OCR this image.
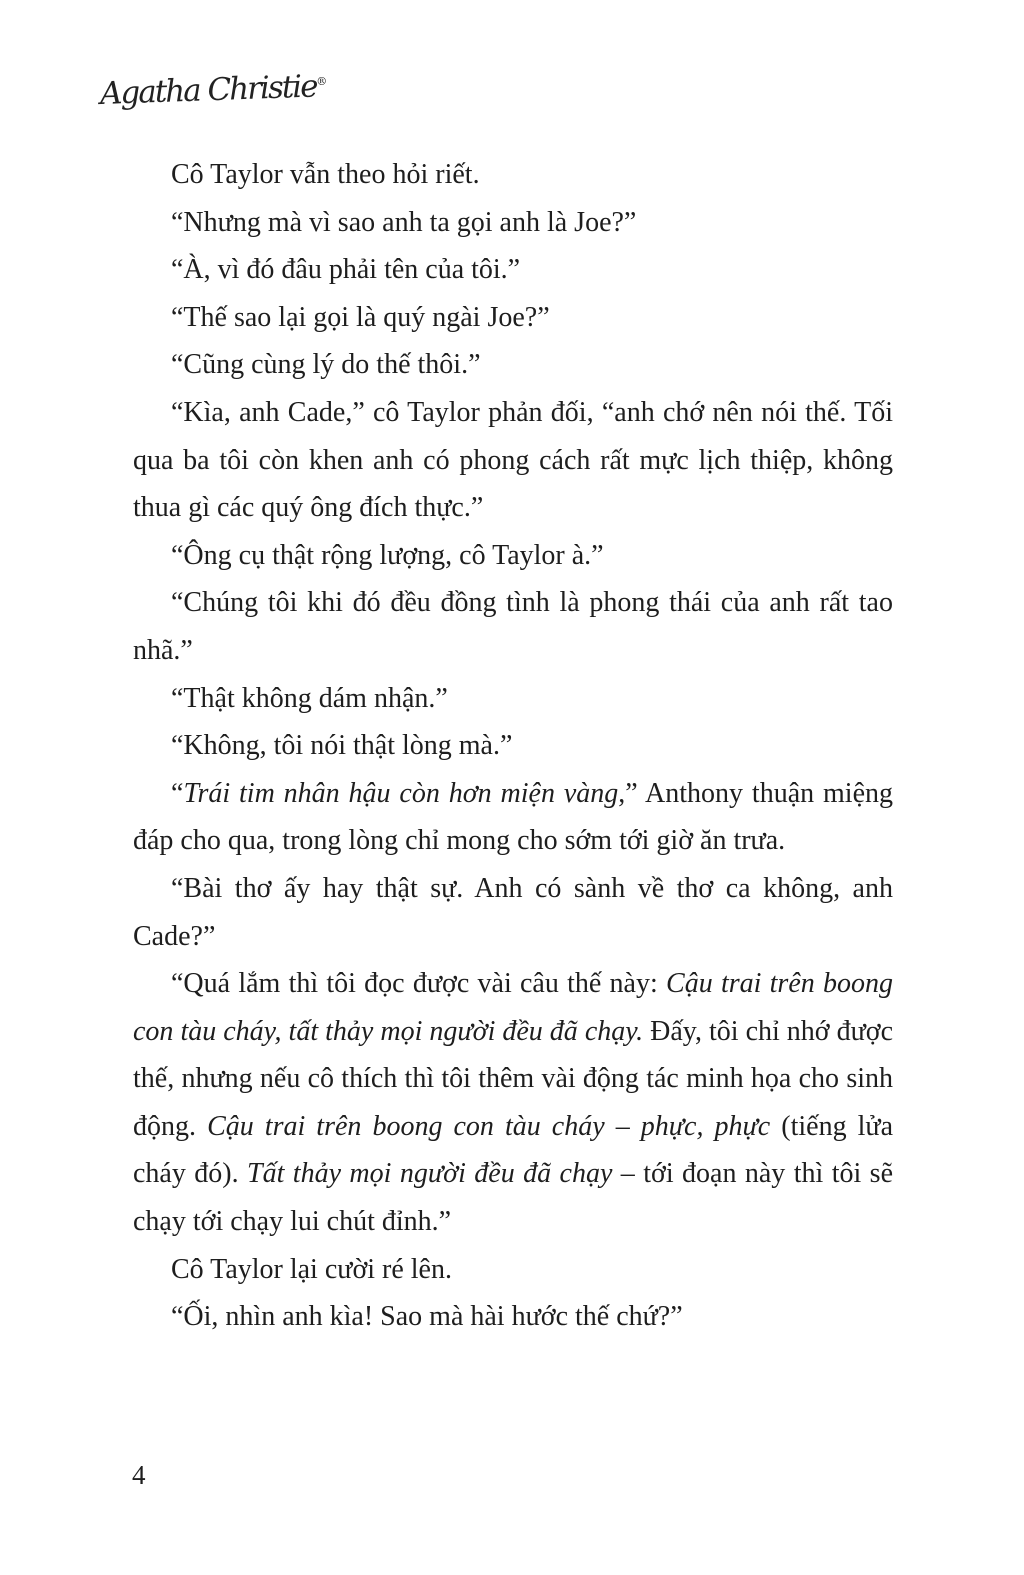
Agatha Christie®

Cô Taylor vẫn theo hỏi riết.

“Nhưng mà vì sao anh ta gọi anh là Joe?”

“À, vì đó đâu phải tên của tôi.”

“Thế sao lại gọi là quý ngài Joe?”

“Cũng cùng lý do thế thôi.”

“Kìa, anh Cade,” cô Taylor phản đối, “anh chớ nên nói thế. Tối qua ba tôi còn khen anh có phong cách rất mực lịch thiệp, không thua gì các quý ông đích thực.”

“Ông cụ thật rộng lượng, cô Taylor à.”

“Chúng tôi khi đó đều đồng tình là phong thái của anh rất tao nhã.”

“Thật không dám nhận.”

“Không, tôi nói thật lòng mà.”

“Trái tim nhân hậu còn hơn miện vàng,” Anthony thuận miệng đáp cho qua, trong lòng chỉ mong cho sớm tới giờ ăn trưa.

“Bài thơ ấy hay thật sự. Anh có sành về thơ ca không, anh Cade?”

“Quá lắm thì tôi đọc được vài câu thế này: Cậu trai trên boong con tàu cháy, tất thảy mọi người đều đã chạy. Đấy, tôi chỉ nhớ được thế, nhưng nếu cô thích thì tôi thêm vài động tác minh họa cho sinh động. Cậu trai trên boong con tàu cháy – phực, phực (tiếng lửa cháy đó). Tất thảy mọi người đều đã chạy – tới đoạn này thì tôi sẽ chạy tới chạy lui chút đỉnh.”

Cô Taylor lại cười ré lên.

“Ối, nhìn anh kìa! Sao mà hài hước thế chứ?”

4
